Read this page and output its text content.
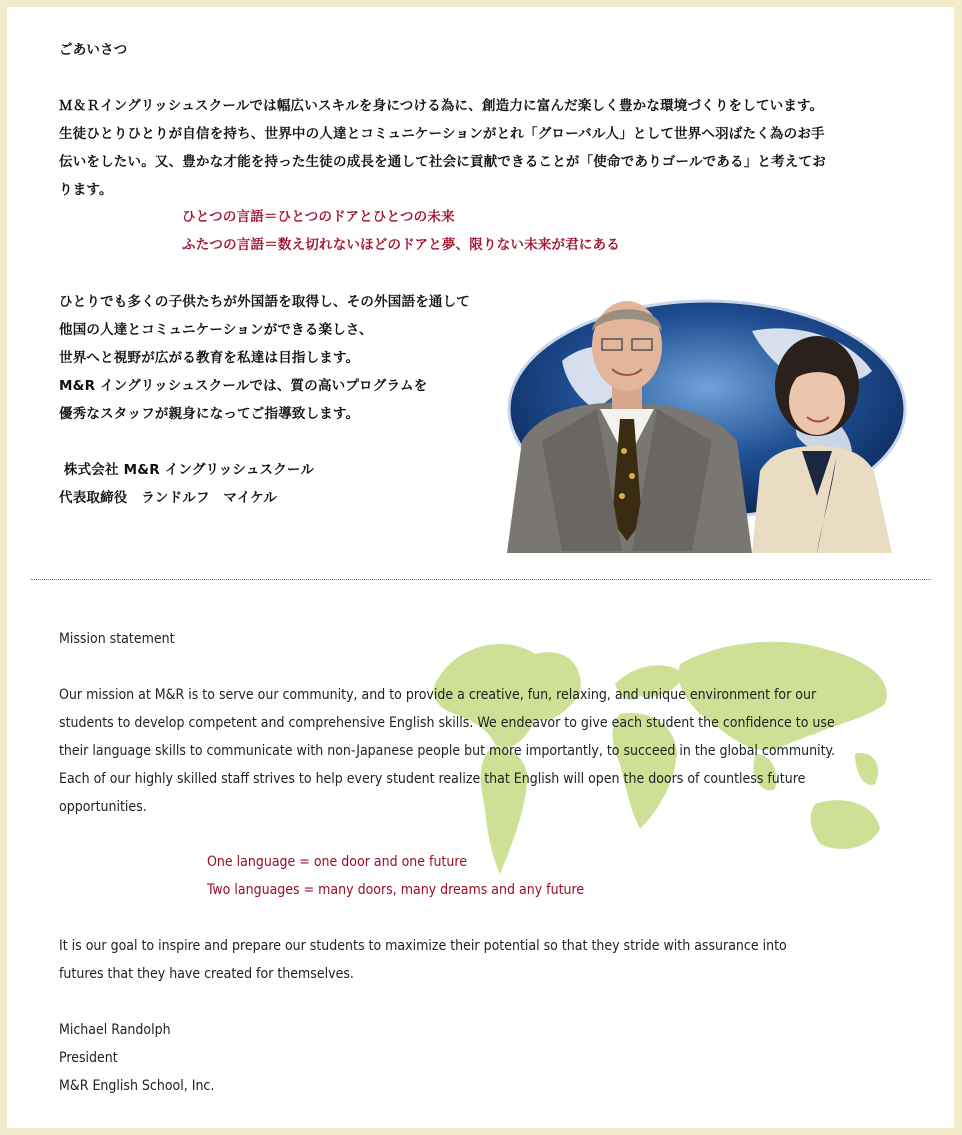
ごあいさつ
Ｍ＆Ｒイングリッシュスクールでは幅広いスキルを身につける為に、創造力に富んだ楽しく豊かな環境づくりをしています。
生徒ひとりひとりが自信を持ち、世界中の人達とコミュニケーションがとれ「グローバル人」として世界へ羽ばたく為のお手
伝いをしたい。又、豊かな才能を持った生徒の成長を通して社会に貢献できることが「使命でありゴールである」と考えてお
ります。
ひとつの言語＝ひとつのドアとひとつの未来
ふたつの言語＝数え切れないほどのドアと夢、限りない未来が君にある
ひとりでも多くの子供たちが外国語を取得し、その外国語を通して
他国の人達とコミュニケーションができる楽しさ、
世界へと視野が広がる教育を私達は目指します。
M&R イングリッシュスクールでは、質の高いプログラムを
優秀なスタッフが親身になってご指導致します。
株式会社 M&R イングリッシュスクール
代表取締役　ランドルフ　マイケル
Mission statement
Our mission at M&R is to serve our community, and to provide a creative, fun, relaxing, and unique environment for our
students to develop competent and comprehensive English skills. We endeavor to give each student the confidence to use
their language skills to communicate with non-Japanese people but more importantly, to succeed in the global community.
Each of our highly skilled staff strives to help every student realize that English will open the doors of countless future
opportunities.
One language = one door and one future
Two languages = many doors, many dreams and any future
It is our goal to inspire and prepare our students to maximize their potential so that they stride with assurance into
futures that they have created for themselves.
Michael Randolph
President
M&R English School, Inc.
